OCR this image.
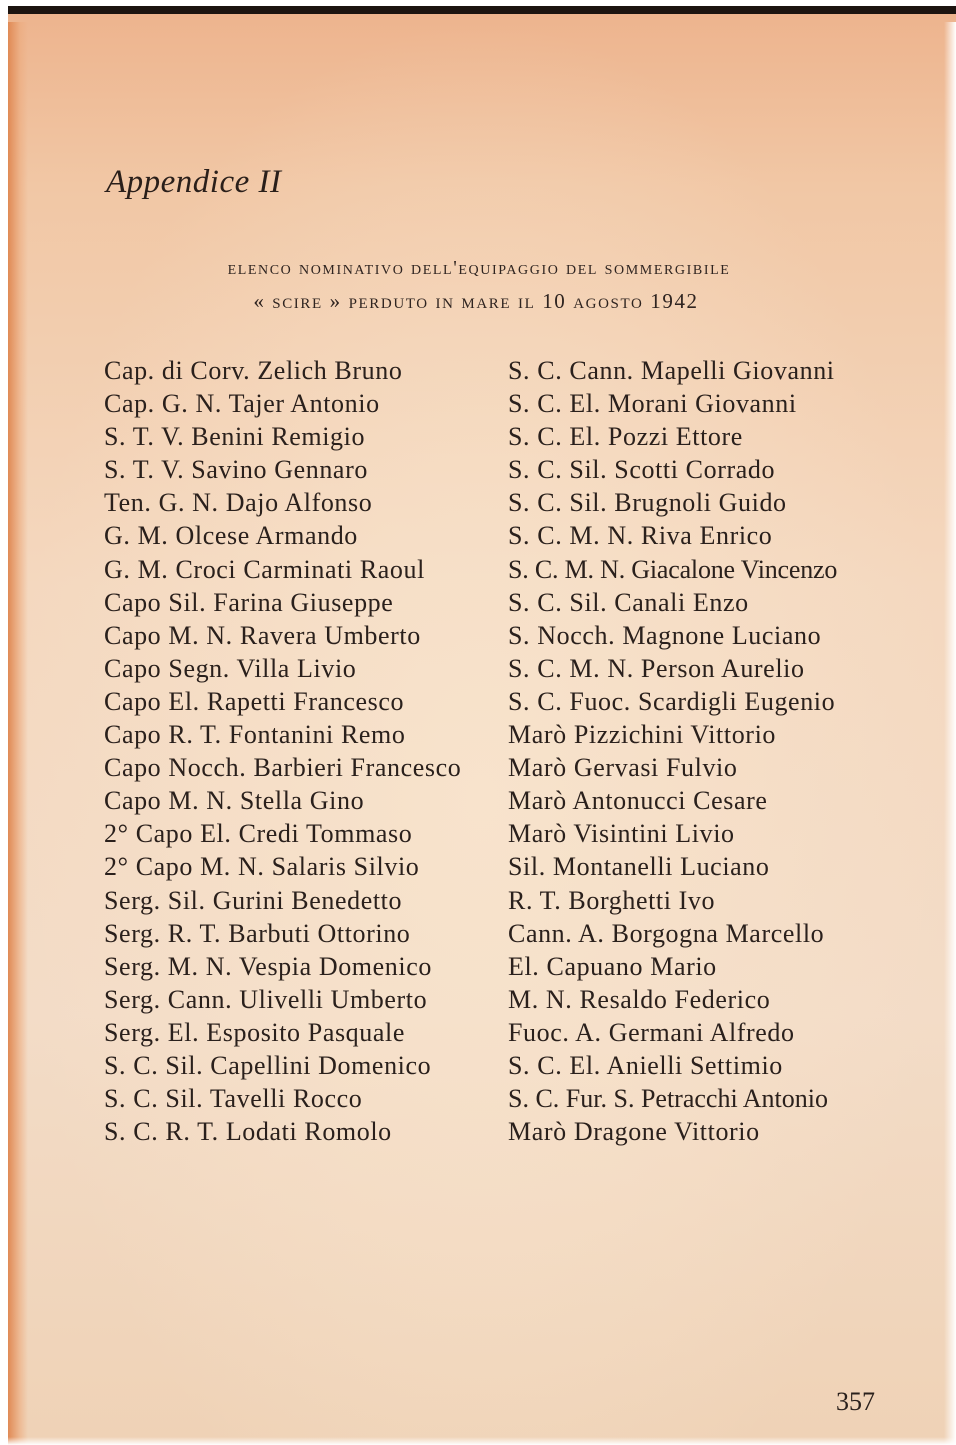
Appendice II

elenco nominativo dell'equipaggio del sommergibile

« scire » perduto in mare il 10 agosto 1942

Cap. di Corv. Zelich Bruno
Cap. G. N. Tajer Antonio
S. T. V. Benini Remigio
S. T. V. Savino Gennaro
Ten. G. N. Dajo Alfonso
G. M. Olcese Armando
G. M. Croci Carminati Raoul
Capo Sil. Farina Giuseppe
Capo M. N. Ravera Umberto
Capo Segn. Villa Livio
Capo El. Rapetti Francesco
Capo R. T. Fontanini Remo
Capo Nocch. Barbieri Francesco
Capo M. N. Stella Gino
2° Capo El. Credi Tommaso
2° Capo M. N. Salaris Silvio
Serg. Sil. Gurini Benedetto
Serg. R. T. Barbuti Ottorino
Serg. M. N. Vespia Domenico
Serg. Cann. Ulivelli Umberto
Serg. El. Esposito Pasquale
S. C. Sil. Capellini Domenico
S. C. Sil. Tavelli Rocco
S. C. R. T. Lodati Romolo
S. C. Cann. Mapelli Giovanni
S. C. El. Morani Giovanni
S. C. El. Pozzi Ettore
S. C. Sil. Scotti Corrado
S. C. Sil. Brugnoli Guido
S. C. M. N. Riva Enrico
S. C. M. N. Giacalone Vincenzo
S. C. Sil. Canali Enzo
S. Nocch. Magnone Luciano
S. C. M. N. Person Aurelio
S. C. Fuoc. Scardigli Eugenio
Marò Pizzichini Vittorio
Marò Gervasi Fulvio
Marò Antonucci Cesare
Marò Visintini Livio
Sil. Montanelli Luciano
R. T. Borghetti Ivo
Cann. A. Borgogna Marcello
El. Capuano Mario
M. N. Resaldo Federico
Fuoc. A. Germani Alfredo
S. C. El. Anielli Settimio
S. C. Fur. S. Petracchi Antonio
Marò Dragone Vittorio

357
